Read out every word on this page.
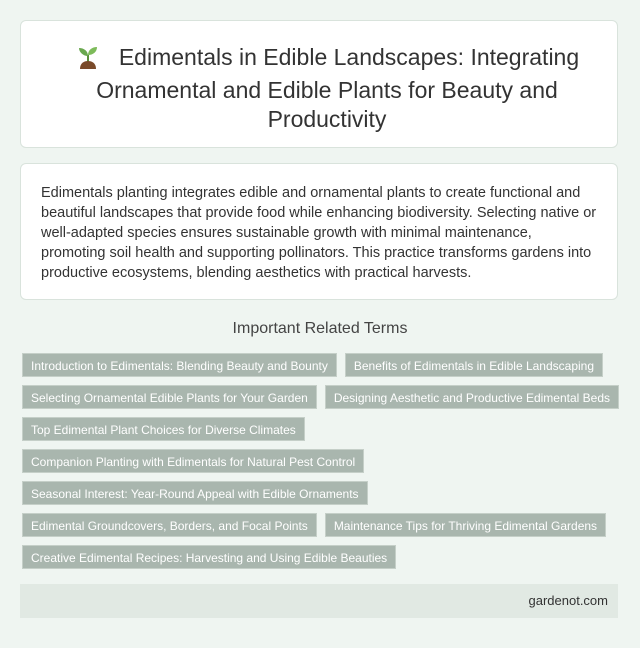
Edimentals in Edible Landscapes: Integrating Ornamental and Edible Plants for Beauty and Productivity
Edimentals planting integrates edible and ornamental plants to create functional and beautiful landscapes that provide food while enhancing biodiversity. Selecting native or well-adapted species ensures sustainable growth with minimal maintenance, promoting soil health and supporting pollinators. This practice transforms gardens into productive ecosystems, blending aesthetics with practical harvests.
Important Related Terms
Introduction to Edimentals: Blending Beauty and Bounty	Benefits of Edimentals in Edible Landscaping
Selecting Ornamental Edible Plants for Your Garden	Designing Aesthetic and Productive Edimental Beds
Top Edimental Plant Choices for Diverse Climates
Companion Planting with Edimentals for Natural Pest Control
Seasonal Interest: Year-Round Appeal with Edible Ornaments
Edimental Groundcovers, Borders, and Focal Points	Maintenance Tips for Thriving Edimental Gardens
Creative Edimental Recipes: Harvesting and Using Edible Beauties
gardenot.com
